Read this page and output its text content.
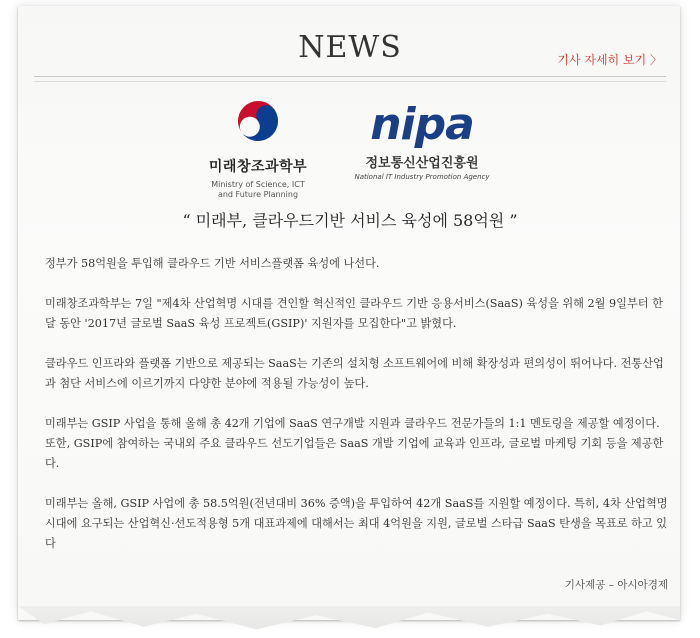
NEWS	기사 자세히 보기 〉
미래창조과학부
Ministry of Science, ICT
and Future Planning
nipa
정보통신산업진흥원
National IT Industry Promotion Agency
“ 미래부, 클라우드기반 서비스 육성에 58억원 ”

정부가 58억원을 투입해 클라우드 기반 서비스플랫폼 육성에 나선다.

미래창조과학부는 7일 "제4차 산업혁명 시대를 견인할 혁신적인 클라우드 기반 응용서비스(SaaS) 육성을 위해 2월 9일부터 한 달 동안 '2017년 글로벌 SaaS 육성 프로젝트(GSIP)' 지원자를 모집한다"고 밝혔다.

클라우드 인프라와 플랫폼 기반으로 제공되는 SaaS는 기존의 설치형 소프트웨어에 비해 확장성과 편의성이 뛰어나다. 전통산업과 첨단 서비스에 이르기까지 다양한 분야에 적용될 가능성이 높다.

미래부는 GSIP 사업을 통해 올해 총 42개 기업에 SaaS 연구개발 지원과 클라우드 전문가들의 1:1 멘토링을 제공할 예정이다. 또한, GSIP에 참여하는 국내외 주요 클라우드 선도기업들은 SaaS 개발 기업에 교육과 인프라, 글로벌 마케팅 기회 등을 제공한다.

미래부는 올해, GSIP 사업에 총 58.5억원(전년대비 36% 증액)을 투입하여 42개 SaaS를 지원할 예정이다. 특히, 4차 산업혁명 시대에 요구되는 산업혁신·선도적용형 5개 대표과제에 대해서는 최대 4억원을 지원, 글로벌 스타급 SaaS 탄생을 목표로 하고 있다

기사제공 – 아시아경제
